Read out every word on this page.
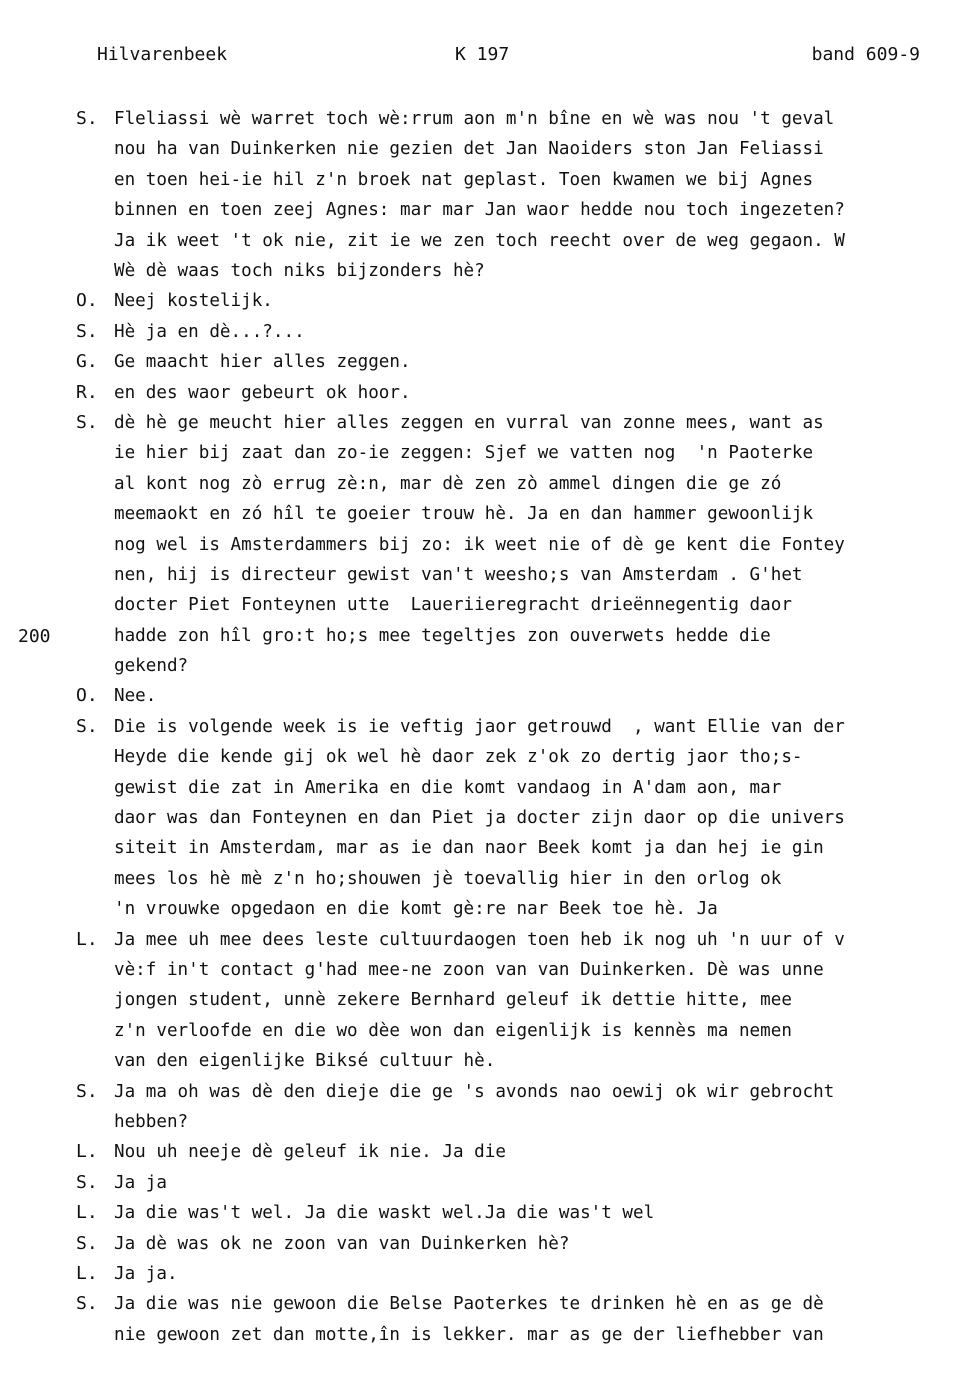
Hilvarenbeek	K 197	band 609-9
200
S. Fleliassi wè warret toch wè:rrum aon m'n bîne en wè was nou 't geval
nou ha van Duinkerken nie gezien det Jan Naoiders ston Jan Feliassi
en toen hei-ie hil z'n broek nat geplast. Toen kwamen we bij Agnes
binnen en toen zeej Agnes: mar mar Jan waor hedde nou toch ingezeten?
Ja ik weet 't ok nie, zit ie we zen toch reecht over de weg gegaon. W
Wè dè waas toch niks bijzonders hè?
O. Neej kostelijk.
S. Hè ja en dè...?...
G. Ge maacht hier alles zeggen.
R. en des waor gebeurt ok hoor.
S. dè hè ge meucht hier alles zeggen en vurral van zonne mees, want as
ie hier bij zaat dan zo-ie zeggen: Sjef we vatten nog  'n Paoterke
al kont nog zò errug zè:n, mar dè zen zò ammel dingen die ge zó
meemaokt en zó hîl te goeier trouw hè. Ja en dan hammer gewoonlijk
nog wel is Amsterdammers bij zo: ik weet nie of dè ge kent die Fontey
nen, hij is directeur gewist van't weesho;s van Amsterdam . G'het
docter Piet Fonteynen utte  Laueriieregracht drieënnegentig daor
hadde zon hîl gro:t ho;s mee tegeltjes zon ouverwets hedde die
gekend?
O. Nee.
S. Die is volgende week is ie veftig jaor getrouwd  , want Ellie van der
Heyde die kende gij ok wel hè daor zek z'ok zo dertig jaor tho;s-
gewist die zat in Amerika en die komt vandaog in A'dam aon, mar
daor was dan Fonteynen en dan Piet ja docter zijn daor op die univers
siteit in Amsterdam, mar as ie dan naor Beek komt ja dan hej ie gin
mees los hè mè z'n ho;shouwen jè toevallig hier in den orlog ok
'n vrouwke opgedaon en die komt gè:re nar Beek toe hè. Ja
L. Ja mee uh mee dees leste cultuurdaogen toen heb ik nog uh 'n uur of v
vè:f in't contact g'had mee-ne zoon van van Duinkerken. Dè was unne
jongen student, unnè zekere Bernhard geleuf ik dettie hitte, mee
z'n verloofde en die wo dèe won dan eigenlijk is kennès ma nemen
van den eigenlijke Biksé cultuur hè.
S. Ja ma oh was dè den dieje die ge 's avonds nao oewij ok wir gebrocht
hebben?
L. Nou uh neeje dè geleuf ik nie. Ja die
S. Ja ja
L. Ja die was't wel. Ja die waskt wel.Ja die was't wel
S. Ja dè was ok ne zoon van van Duinkerken hè?
L. Ja ja.
S. Ja die was nie gewoon die Belse Paoterkes te drinken hè en as ge dè
nie gewoon zet dan motte,în is lekker. mar as ge der liefhebber van
